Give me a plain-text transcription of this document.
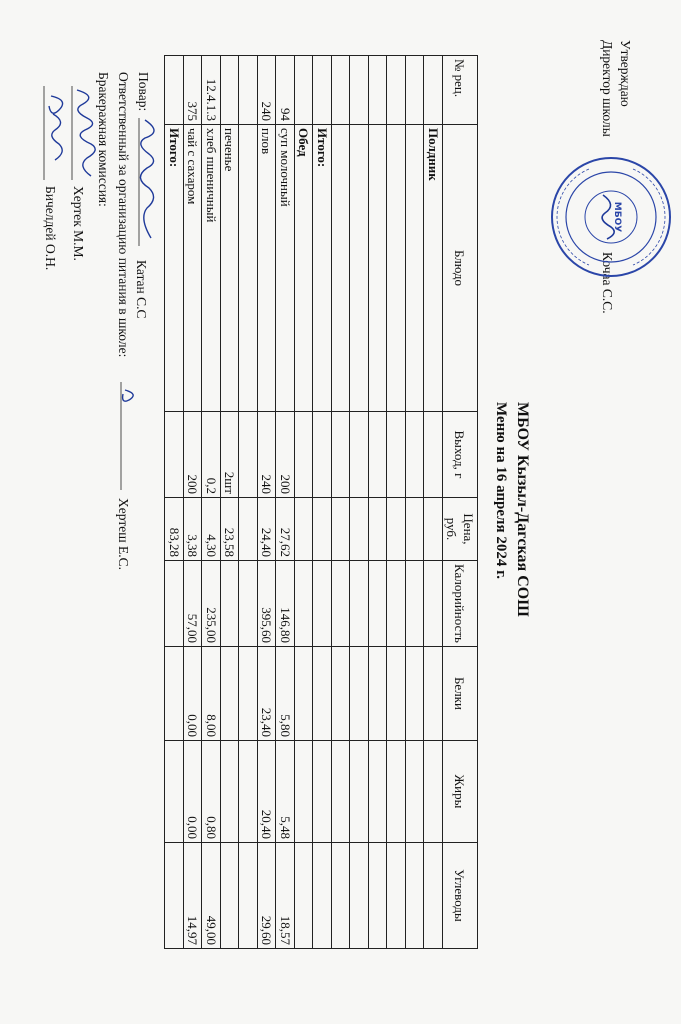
Утверждаю
Директор школы
Кочаа С.С.
МБОУ
МБОУ Кызыл-Дагская СОШ
Меню на 16 апреля 2024 г.
№ рец.	Блюдо	Выход, г	Цена, руб.	Калорийность	Белки	Жиры	Углеводы
	Полдник						

	Итого:						
	Обед						
94	суп молочный	200	27,62	146,80	5,80	5,48	18,57
240	плов	240	24,40	395,60	23,40	20,40	29,60

	печенье	2шт	23,58				
12.4.1.3	хлеб пшеничный	0,2	4,30	235,00	8,00	0,80	49,00
375	чай с сахаром	200	3,38	57,00	0,00	0,00	14,97
	Итого:		83,28				
Повар:
Катан С.С
Ответственный за организацию питания в школе:
Хертеш Е.С.
Бракеражная комисcия:
Хертек М.М.
Бичелдей О.Н.
